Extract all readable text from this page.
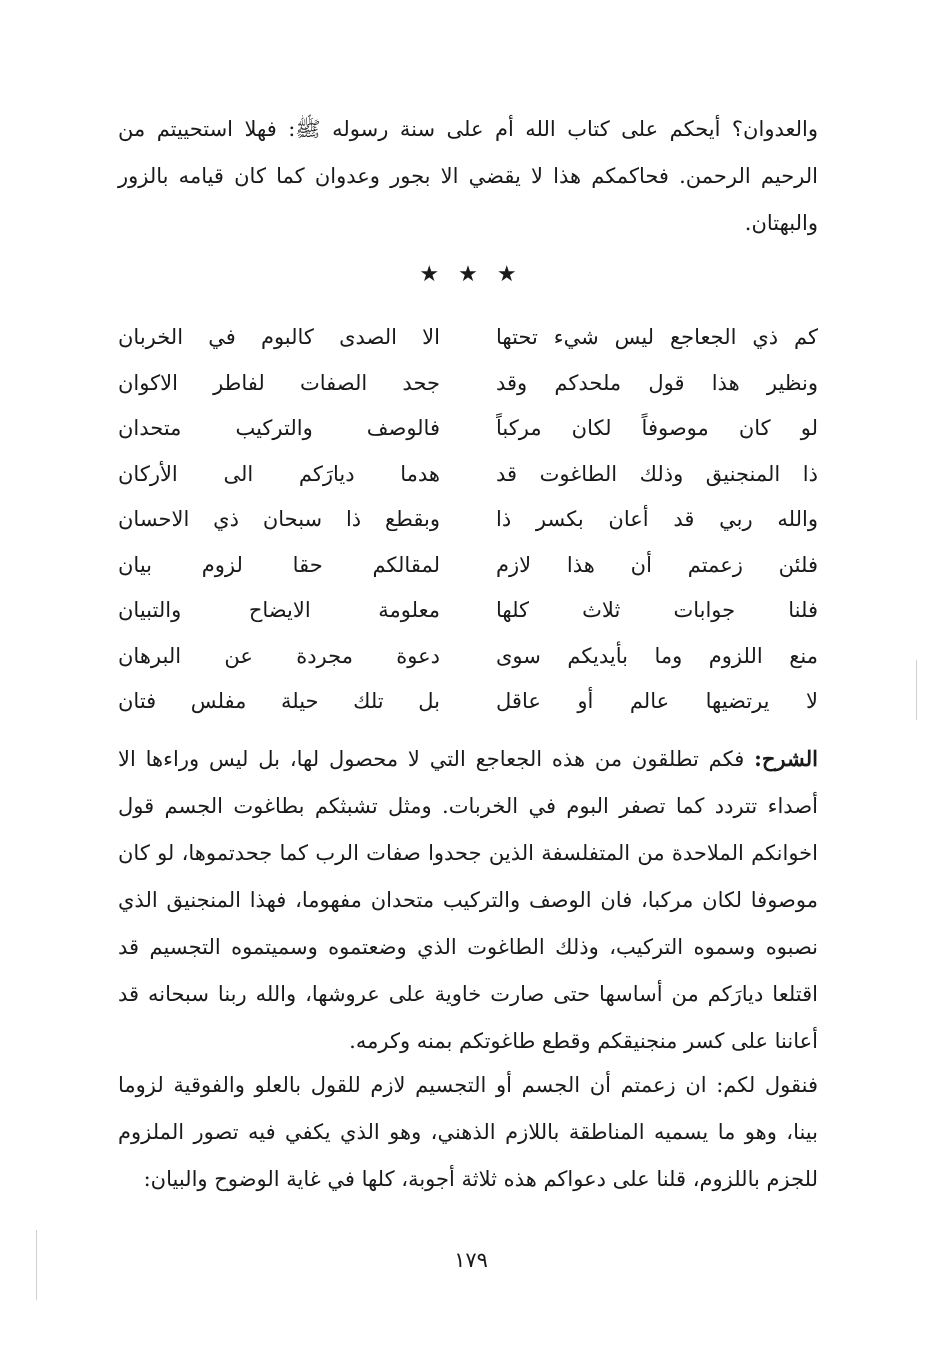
والعدوان؟ أيحكم على كتاب الله أم على سنة رسوله ﷺ: فهلا استحييتم من الرحيم الرحمن. فحاكمكم هذا لا يقضي الا بجور وعدوان كما كان قيامه بالزور والبهتان.

★ ★ ★
كم ذي الجعاجع ليس شيء تحتها
الا الصدى كالبوم في الخربان
ونظير هذا قول ملحدكم وقد
جحد الصفات لفاطر الاكوان
لو كان موصوفاً لكان مركباً
فالوصف والتركيب متحدان
ذا المنجنيق وذلك الطاغوت قد
هدما ديارَكم الى الأركان
والله ربي قد أعان بكسر ذا
وبقطع ذا سبحان ذي الاحسان
فلئن زعمتم أن هذا لازم
لمقالكم حقا لزوم بيان
فلنا جوابات ثلاث كلها
معلومة الايضاح والتبيان
منع اللزوم وما بأيديكم سوى
دعوة مجردة عن البرهان
لا يرتضيها عالم أو عاقل
بل تلك حيلة مفلس فتان

الشرح: فكم تطلقون من هذه الجعاجع التي لا محصول لها، بل ليس وراءها الا أصداء تتردد كما تصفر البوم في الخربات. ومثل تشبثكم بطاغوت الجسم قول اخوانكم الملاحدة من المتفلسفة الذين جحدوا صفات الرب كما جحدتموها، لو كان موصوفا لكان مركبا، فان الوصف والتركيب متحدان مفهوما، فهذا المنجنيق الذي نصبوه وسموه التركيب، وذلك الطاغوت الذي وضعتموه وسميتموه التجسيم قد اقتلعا ديارَكم من أساسها حتى صارت خاوية على عروشها، والله ربنا سبحانه قد أعاننا على كسر منجنيقكم وقطع طاغوتكم بمنه وكرمه.

فنقول لكم: ان زعمتم أن الجسم أو التجسيم لازم للقول بالعلو والفوقية لزوما بينا، وهو ما يسميه المناطقة باللازم الذهني، وهو الذي يكفي فيه تصور الملزوم للجزم باللزوم، قلنا على دعواكم هذه ثلاثة أجوبة، كلها في غاية الوضوح والبيان:

١٧٩
